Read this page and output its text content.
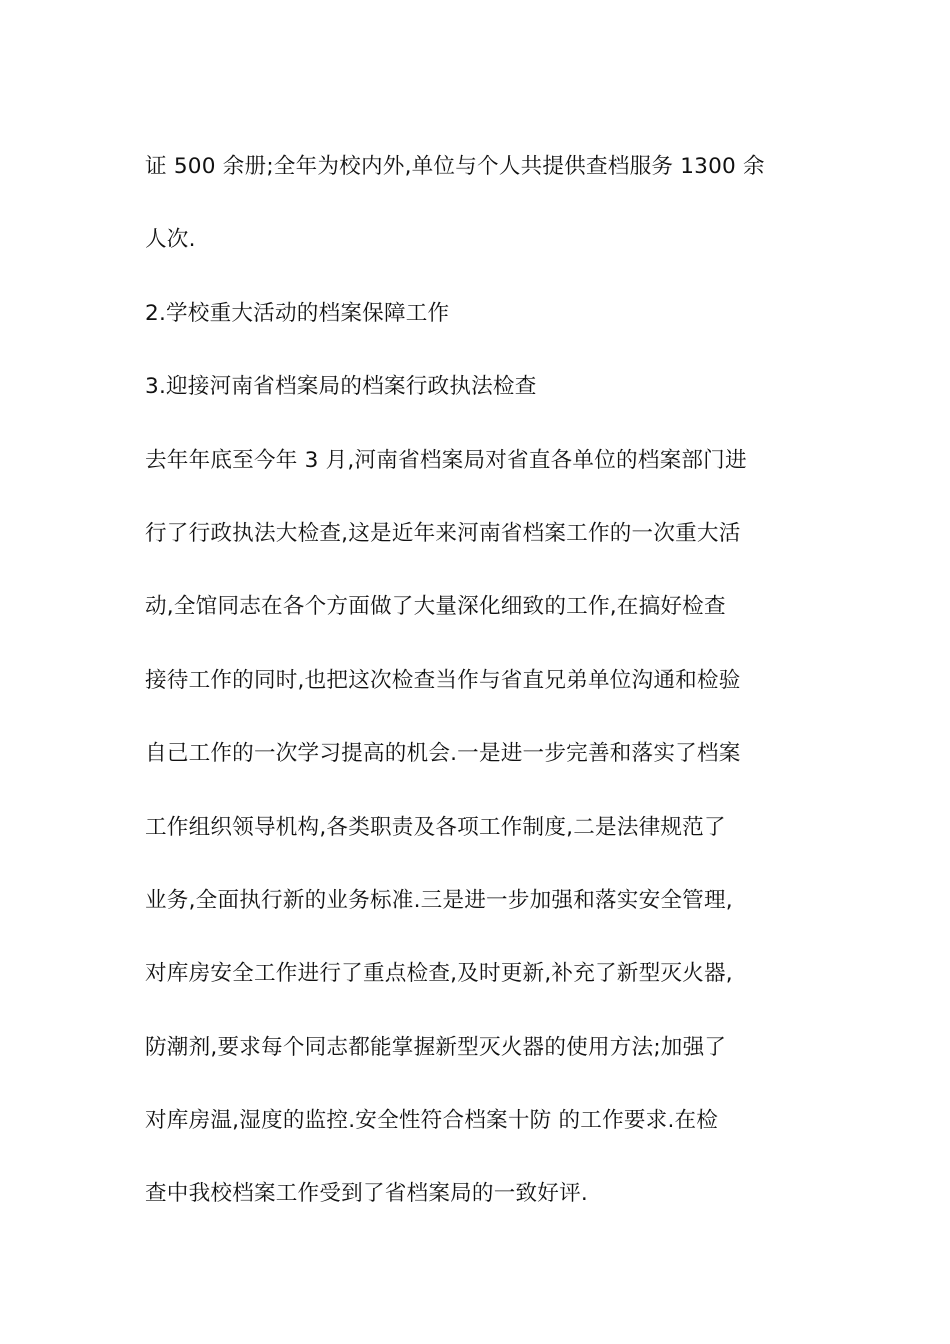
证 500 余册;全年为校内外,单位与个人共提供查档服务 1300 余
人次.
2.学校重大活动的档案保障工作
3.迎接河南省档案局的档案行政执法检查
去年年底至今年 3 月,河南省档案局对省直各单位的档案部门进
行了行政执法大检查,这是近年来河南省档案工作的一次重大活
动,全馆同志在各个方面做了大量深化细致的工作,在搞好检查
接待工作的同时,也把这次检查当作与省直兄弟单位沟通和检验
自己工作的一次学习提高的机会.一是进一步完善和落实了档案
工作组织领导机构,各类职责及各项工作制度,二是法律规范了
业务,全面执行新的业务标准.三是进一步加强和落实安全管理,
对库房安全工作进行了重点检查,及时更新,补充了新型灭火器,
防潮剂,要求每个同志都能掌握新型灭火器的使用方法;加强了
对库房温,湿度的监控.安全性符合档案十防 的工作要求.在检
查中我校档案工作受到了省档案局的一致好评.
